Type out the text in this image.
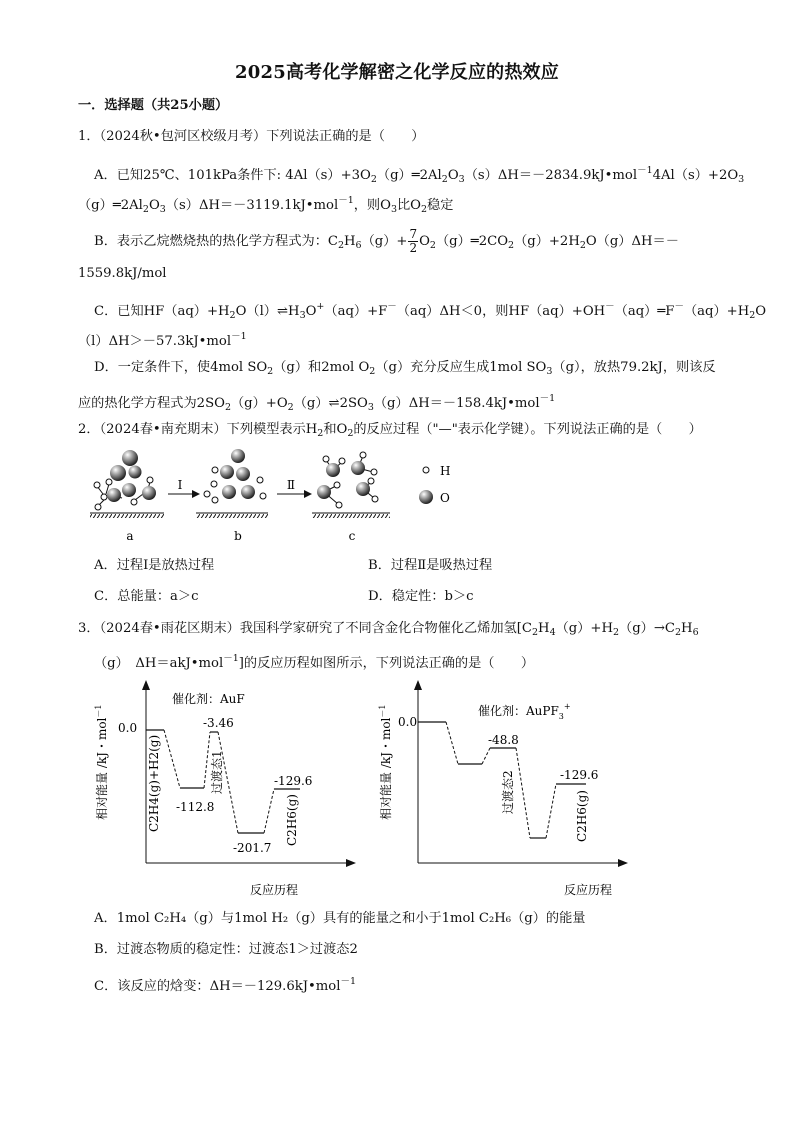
2025高考化学解密之化学反应的热效应
一．选择题（共25小题）
1．（2024秋•包河区校级月考）下列说法正确的是（　　）
A．已知25℃、101kPa条件下: $4Al(s)+3O_2(g)═2Al_2O_3(s)\Delta H=-2834.9kJ•mol^{-1}4Al(s)+2O_3$
$(g)═2Al_2O_3(s)\Delta H=-3119.1kJ•mol^{-1}$，则$O_3$比$O_2$稳定
B．表示乙烷燃烧热的热化学方程式为：$C_2H_6(g)+ \frac{7}{2}$ $O_2(g)═2CO_2(g)+2H_2O(g)\Delta H=-$
1559.8kJ/mol
C．已知$HF(aq)+H_2O(l)\rightleftharpoons H_3O^+(aq)+F^-(aq)\Delta H<0$，则$HF(aq)+OH^-(aq)═F^-(aq)+H_2O$
（l）ΔH＞－57.3kJ•mol$^{-1}$
D．一定条件下，使4mol $SO_2(g)$和2mol $O_2(g)$充分反应生成1mol $SO_3(g)$，放热79.2kJ，则该反
应的热化学方程式为$2SO_2(g)+O_2(g)\rightleftharpoons 2SO_3(g)\Delta H=-158.4kJ•mol^{-1}$
2．（2024春•南充期末）下列模型表示$H_2$和$O_2$的反应过程（"—"表示化学键）。下列说法正确的是（　　）
a
I
b
Ⅱ
c
H
O
A．过程Ⅰ是放热过程	B．过程Ⅱ是吸热过程
C．总能量：a＞c	D．稳定性：b＞c
3．（2024春•雨花区期末）我国科学家研究了不同含金化合物催化乙烯加氢[$C_2H_4(g)+H_2(g)\to C_2H_6$
（g）　ΔH＝akJ•mol$^{-1}$]的反应历程如图所示，下列说法正确的是（　　）
相对能量 /kJ・mol$^{-1}$
0.0
催化剂：AuF
-112.8
-3.46
-201.7
-129.6
C2H4(g)+H2(g)	过渡态1
C2H6(g)
反应历程
相对能量 /kJ・mol$^{-1}$
0.0
催化剂：AuPF$_3$+
-48.8
-129.6
过渡态2	C2H6(g)
反应历程
A．1mol C₂H₄（g）与1mol H₂（g）具有的能量之和小于1mol C₂H₆（g）的能量
B．过渡态物质的稳定性：过渡态1＞过渡态2
C．该反应的焓变：ΔH＝－129.6kJ•mol$^{-1}$
